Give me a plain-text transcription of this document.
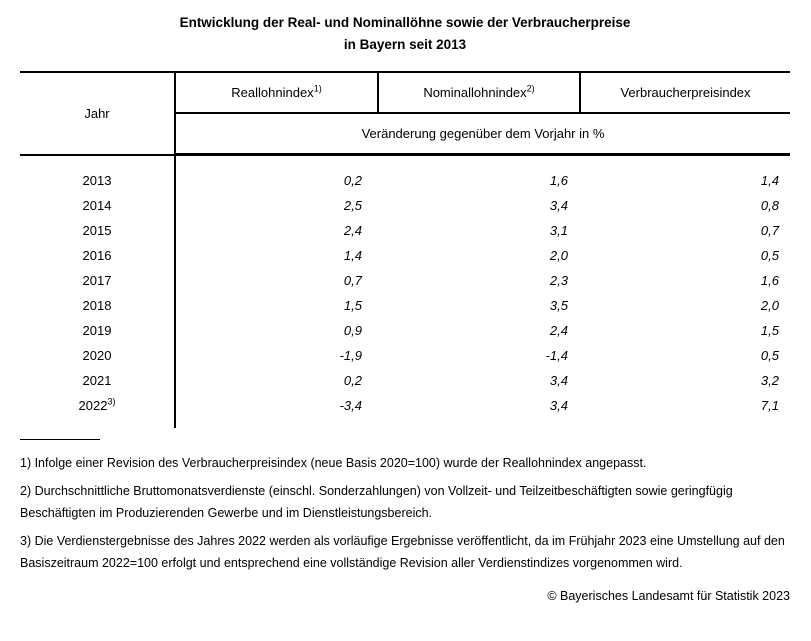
Entwicklung der Real- und Nominallöhne sowie der Verbraucherpreise
in Bayern seit 2013
Jahr	Reallohnindex$^{1)}$	Nominallohnindex$^{2)}$	Verbraucherpreisindex
	Veränderung gegenüber dem Vorjahr in %		
2013	0,2	1,6	1,4
2014	2,5	3,4	0,8
2015	2,4	3,1	0,7
2016	1,4	2,0	0,5
2017	0,7	2,3	1,6
2018	1,5	3,5	2,0
2019	0,9	2,4	1,5
2020	-1,9	-1,4	0,5
2021	0,2	3,4	3,2
2022$^{3)}$	-3,4	3,4	7,1

1) Infolge einer Revision des Verbraucherpreisindex (neue Basis 2020=100) wurde der Reallohnindex angepasst.

2) Durchschnittliche Bruttomonatsverdienste (einschl. Sonderzahlungen) von Vollzeit- und Teilzeitbeschäftigten sowie geringfügig Beschäftigten im Produzierenden Gewerbe und im Dienstleistungsbereich.

3) Die Verdienstergebnisse des Jahres 2022 werden als vorläufige Ergebnisse veröffentlicht, da im Frühjahr 2023 eine Umstellung auf den Basiszeitraum 2022=100 erfolgt und entsprechend eine vollständige Revision aller Verdienstindizes vorgenommen wird.

© Bayerisches Landesamt für Statistik 2023
